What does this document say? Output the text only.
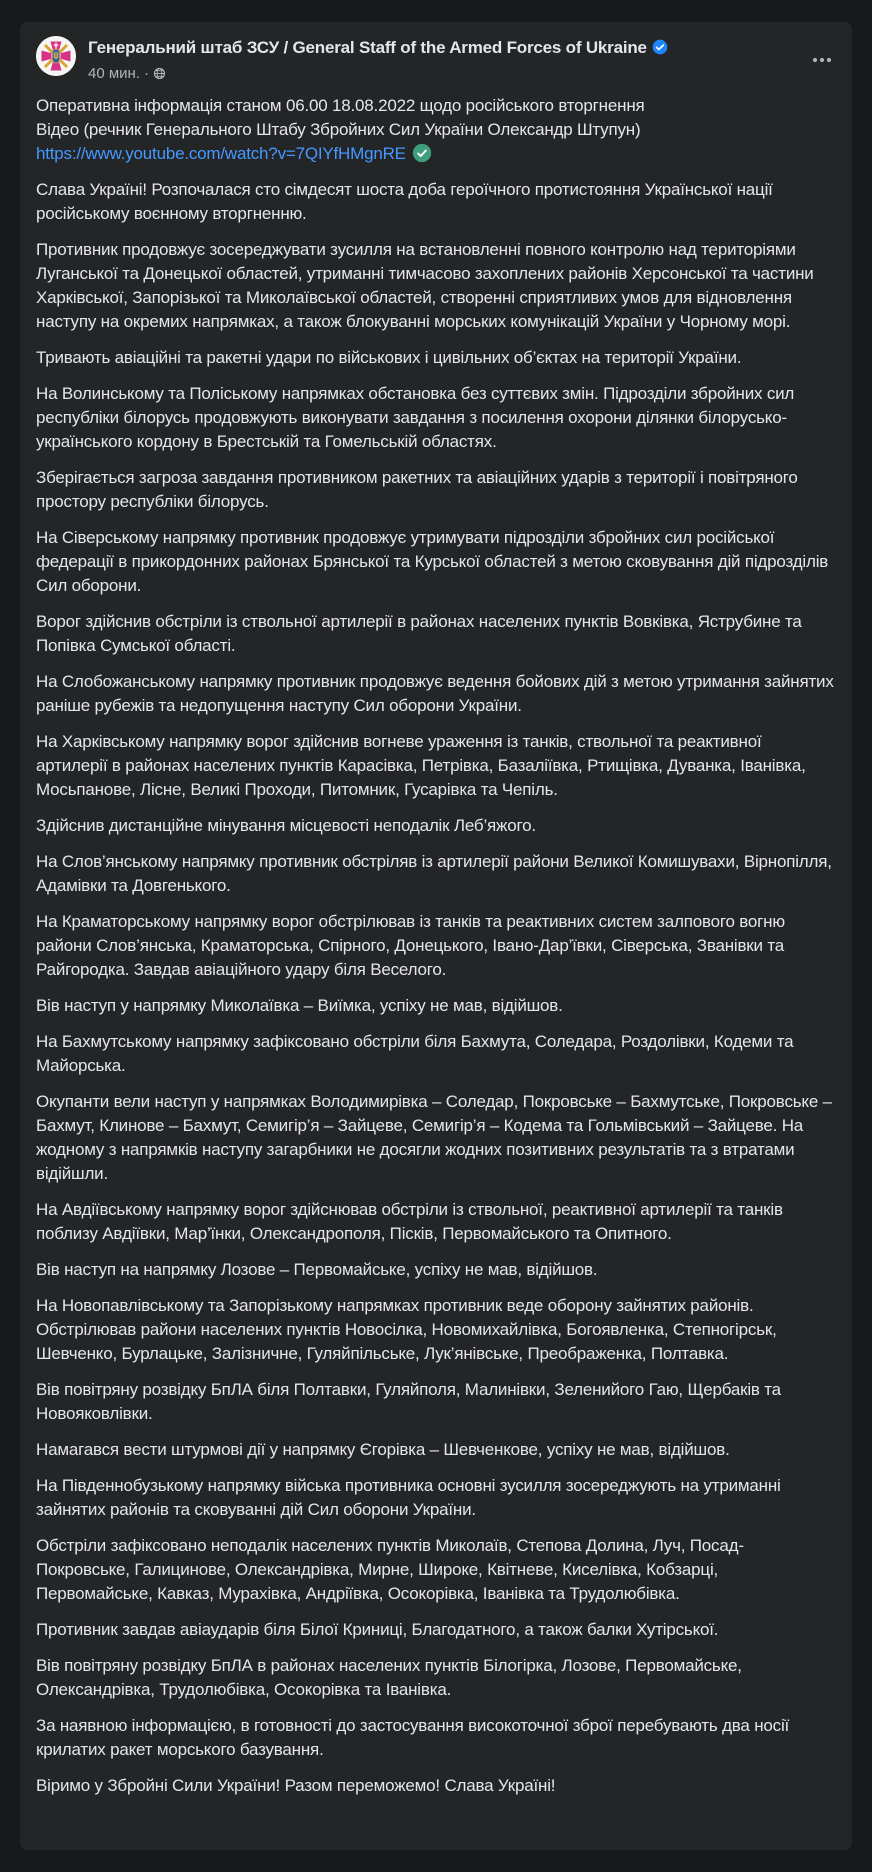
Генеральний штаб ЗСУ / General Staff of the Armed Forces of Ukraine
40 мин. ·
Оперативна інформація станом 06.00 18.08.2022 щодо російського вторгнення
Відео (речник Генерального Штабу Збройних Сил України Олександр Штупун)
https://www.youtube.com/watch?v=7QIYfHMgnRE

Слава Україні! Розпочалася сто сімдесят шоста доба героїчного протистояння Української нації російському воєнному вторгненню.

Противник продовжує зосереджувати зусилля на встановленні повного контролю над територіями Луганської та Донецької областей, утриманні тимчасово захоплених районів Херсонської та частини Харківської, Запорізької та Миколаївської областей, створенні сприятливих умов для відновлення наступу на окремих напрямках, а також блокуванні морських комунікацій України у Чорному морі.

Тривають авіаційні та ракетні удари по військових і цивільних об’єктах на території України.

На Волинському та Поліському напрямках обстановка без суттєвих змін. Підрозділи збройних сил республіки білорусь продовжують виконувати завдання з посилення охорони ділянки білорусько-українського кордону в Брестській та Гомельській областях.

Зберігається загроза завдання противником ракетних та авіаційних ударів з території і повітряного простору республіки білорусь.

На Сіверському напрямку противник продовжує утримувати підрозділи збройних сил російської федерації в прикордонних районах Брянської та Курської областей з метою сковування дій підрозділів Сил оборони.

Ворог здійснив обстріли із ствольної артилерії в районах населених пунктів Вовківка, Яструбине та Попівка Сумської області.

На Слобожанському напрямку противник продовжує ведення бойових дій з метою утримання зайнятих раніше рубежів та недопущення наступу Сил оборони України.

На Харківському напрямку ворог здійснив вогневе ураження із танків, ствольної та реактивної артилерії в районах населених пунктів Карасівка, Петрівка, Базаліївка, Ртищівка, Дуванка, Іванівка, Мосьпанове, Лісне, Великі Проходи, Питомник, Гусарівка та Чепіль.

Здійснив дистанційне мінування місцевості неподалік Леб’яжого.

На Слов’янському напрямку противник обстріляв із артилерії райони Великої Комишувахи, Вірнопілля, Адамівки та Довгенького.

На Краматорському напрямку ворог обстрілював із танків та реактивних систем залпового вогню райони Слов’янська, Краматорська, Спірного, Донецького, Івано-Дар’ївки, Сіверська, Званівки та Райгородка. Завдав авіаційного удару біля Веселого.

Вів наступ у напрямку Миколаївка – Виїмка, успіху не мав, відійшов.

На Бахмутському напрямку зафіксовано обстріли біля Бахмута, Соледара, Роздолівки, Кодеми та Майорська.

Окупанти вели наступ у напрямках Володимирівка – Соледар, Покровське – Бахмутське, Покровське – Бахмут, Клинове – Бахмут, Семигір’я – Зайцеве, Семигір’я – Кодема та Гольмівський – Зайцеве. На жодному з напрямків наступу загарбники не досягли жодних позитивних результатів та з втратами відійшли.

На Авдіївському напрямку ворог здійснював обстріли із ствольної, реактивної артилерії та танків поблизу Авдіївки, Мар’їнки, Олександрополя, Пісків, Первомайського та Опитного.

Вів наступ на напрямку Лозове – Первомайське, успіху не мав, відійшов.

На Новопавлівському та Запорізькому напрямках противник веде оборону зайнятих районів. Обстрілював райони населених пунктів Новосілка, Новомихайлівка, Богоявленка, Степногірськ, Шевченко, Бурлацьке, Залізничне, Гуляйпільське, Лук’янівське, Преображенка, Полтавка.

Вів повітряну розвідку БпЛА біля Полтавки, Гуляйполя, Малинівки, Зеленийого Гаю, Щербаків та Новояковлівки.

Намагався вести штурмові дії у напрямку Єгорівка – Шевченкове, успіху не мав, відійшов.

На Південнобузькому напрямку війська противника основні зусилля зосереджують на утриманні зайнятих районів та сковуванні дій Сил оборони України.

Обстріли зафіксовано неподалік населених пунктів Миколаїв, Степова Долина, Луч, Посад-Покровське, Галицинове, Олександрівка, Мирне, Широке, Квітневе, Киселівка, Кобзарці, Первомайське, Кавказ, Мурахівка, Андріївка, Осокорівка, Іванівка та Трудолюбівка.

Противник завдав авіаударів біля Білої Криниці, Благодатного, а також балки Хутірської.

Вів повітряну розвідку БпЛА в районах населених пунктів Білогірка, Лозове, Первомайське, Олександрівка, Трудолюбівка, Осокорівка та Іванівка.

За наявною інформацією, в готовності до застосування високоточної зброї перебувають два носії крилатих ракет морського базування.

Віримо у Збройні Сили України! Разом переможемо! Слава Україні!
